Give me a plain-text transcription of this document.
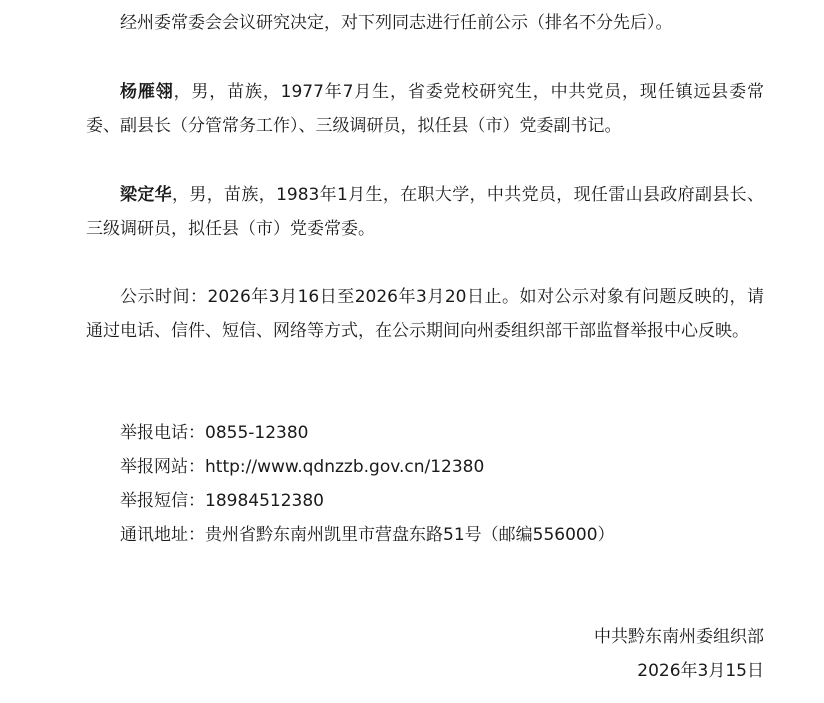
经州委常委会会议研究决定，对下列同志进行任前公示（排名不分先后）。

杨雁翎，男，苗族，1977年7月生，省委党校研究生，中共党员，现任镇远县委常委、副县长（分管常务工作）、三级调研员，拟任县（市）党委副书记。

梁定华，男，苗族，1983年1月生，在职大学，中共党员，现任雷山县政府副县长、三级调研员，拟任县（市）党委常委。

公示时间：2026年3月16日至2026年3月20日止。如对公示对象有问题反映的，请通过电话、信件、短信、网络等方式，在公示期间向州委组织部干部监督举报中心反映。

举报电话：0855-12380
举报网站：http://www.qdnzzb.gov.cn/12380
举报短信：18984512380
通讯地址：贵州省黔东南州凯里市营盘东路51号（邮编556000）
中共黔东南州委组织部
2026年3月15日
